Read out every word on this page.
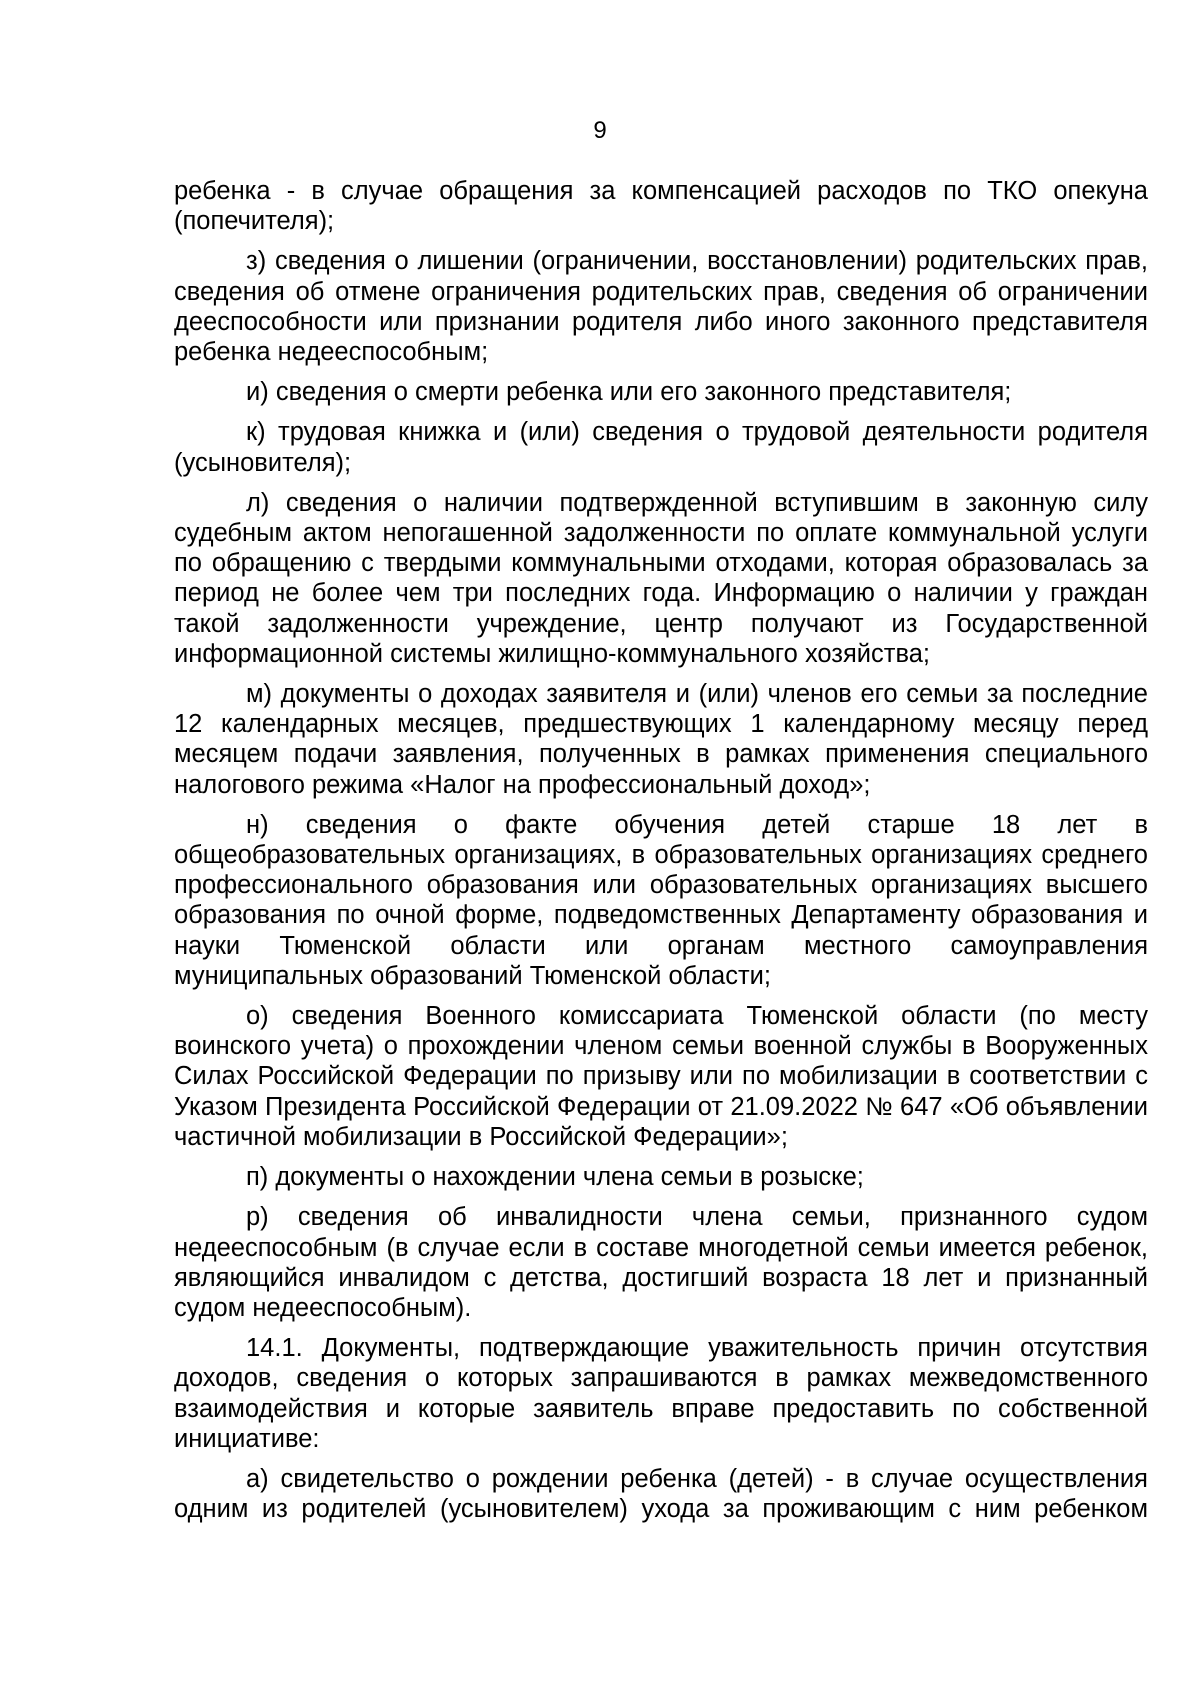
9

ребенка - в случае обращения за компенсацией расходов по ТКО опекуна (попечителя);

з) сведения о лишении (ограничении, восстановлении) родительских прав, сведения об отмене ограничения родительских прав, сведения об ограничении дееспособности или признании родителя либо иного законного представителя ребенка недееспособным;

и) сведения о смерти ребенка или его законного представителя;

к) трудовая книжка и (или) сведения о трудовой деятельности родителя (усыновителя);

л) сведения о наличии подтвержденной вступившим в законную силу судебным актом непогашенной задолженности по оплате коммунальной услуги по обращению с твердыми коммунальными отходами, которая образовалась за период не более чем три последних года. Информацию о наличии у граждан такой задолженности учреждение, центр получают из Государственной информационной системы жилищно-коммунального хозяйства;

м) документы о доходах заявителя и (или) членов его семьи за последние 12 календарных месяцев, предшествующих 1 календарному месяцу перед месяцем подачи заявления, полученных в рамках применения специального налогового режима «Налог на профессиональный доход»;

н) сведения о факте обучения детей старше 18 лет в общеобразовательных организациях, в образовательных организациях среднего профессионального образования или образовательных организациях высшего образования по очной форме, подведомственных Департаменту образования и науки Тюменской области или органам местного самоуправления муниципальных образований Тюменской области;

о) сведения Военного комиссариата Тюменской области (по месту воинского учета) о прохождении членом семьи военной службы в Вооруженных Силах Российской Федерации по призыву или по мобилизации в соответствии с Указом Президента Российской Федерации от 21.09.2022 № 647 «Об объявлении частичной мобилизации в Российской Федерации»;

п) документы о нахождении члена семьи в розыске;

р) сведения об инвалидности члена семьи, признанного судом недееспособным (в случае если в составе многодетной семьи имеется ребенок, являющийся инвалидом с детства, достигший возраста 18 лет и признанный судом недееспособным).

14.1. Документы, подтверждающие уважительность причин отсутствия доходов, сведения о которых запрашиваются в рамках межведомственного взаимодействия и которые заявитель вправе предоставить по собственной инициативе:

а) свидетельство о рождении ребенка (детей) - в случае осуществления одним из родителей (усыновителем) ухода за проживающим с ним ребенком
